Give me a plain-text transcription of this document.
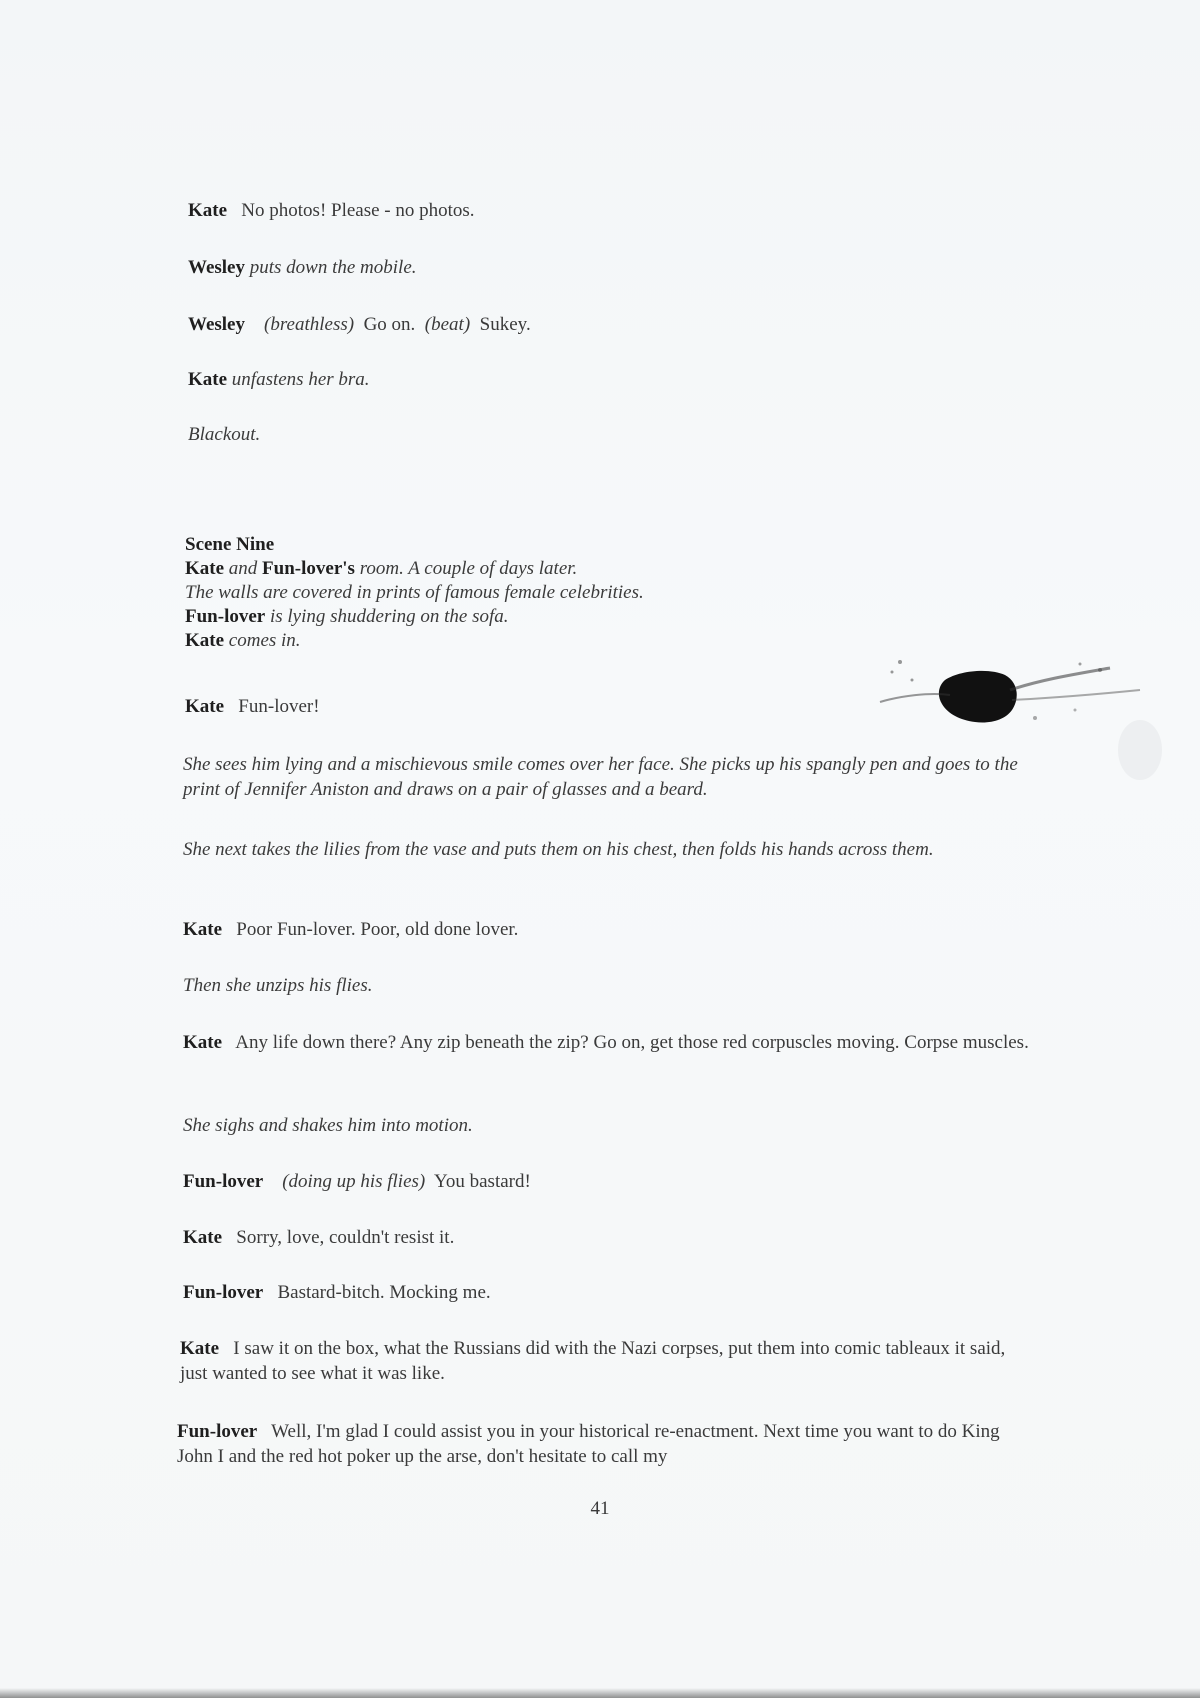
Kate No photos! Please - no photos.
Wesley puts down the mobile.
Wesley (breathless) Go on. (beat) Sukey.
Kate unfastens her bra.
Blackout.
Scene Nine
Kate and Fun-lover's room. A couple of days later.
The walls are covered in prints of famous female celebrities.
Fun-lover is lying shuddering on the sofa.
Kate comes in.
Kate Fun-lover!
She sees him lying and a mischievous smile comes over her face. She picks up his spangly pen and goes to the print of Jennifer Aniston and draws on a pair of glasses and a beard.
She next takes the lilies from the vase and puts them on his chest, then folds his hands across them.
Kate Poor Fun-lover. Poor, old done lover.
Then she unzips his flies.
Kate Any life down there? Any zip beneath the zip? Go on, get those red corpuscles moving. Corpse muscles.
She sighs and shakes him into motion.
Fun-lover (doing up his flies) You bastard!
Kate Sorry, love, couldn't resist it.
Fun-lover Bastard-bitch. Mocking me.
Kate I saw it on the box, what the Russians did with the Nazi corpses, put them into comic tableaux it said, just wanted to see what it was like.
Fun-lover Well, I'm glad I could assist you in your historical re-enactment. Next time you want to do King John I and the red hot poker up the arse, don't hesitate to call my
41
